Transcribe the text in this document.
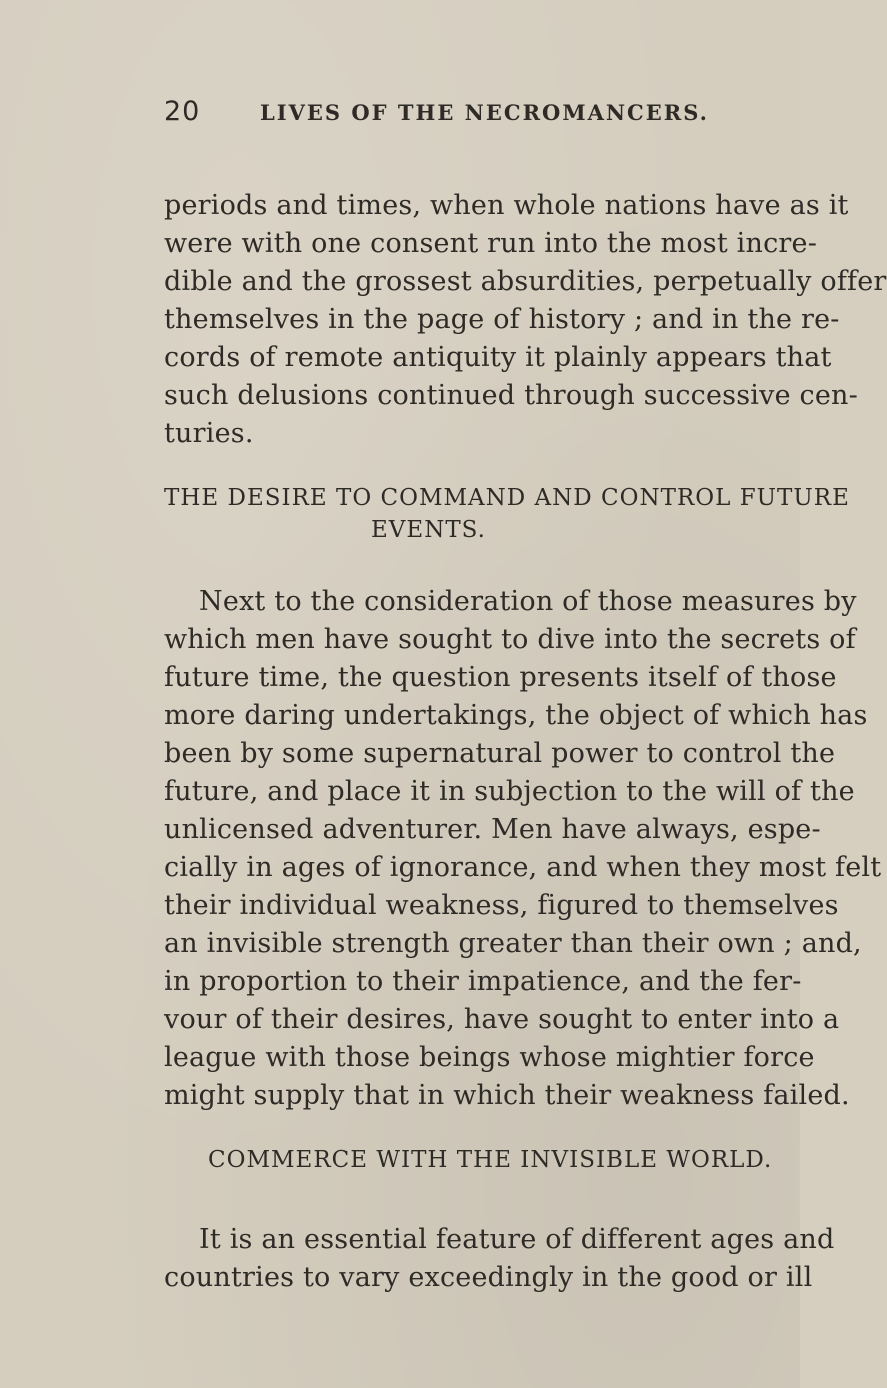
20	LIVES OF THE NECROMANCERS.
periods and times, when whole nations have as it
were with one consent run into the most incre-
dible and the grossest absurdities, perpetually offer
themselves in the page of history ; and in the re-
cords of remote antiquity it plainly appears that
such delusions continued through successive cen-
turies.
THE DESIRE TO COMMAND AND CONTROL FUTURE
EVENTS.
Next to the consideration of those measures by
which men have sought to dive into the secrets of
future time, the question presents itself of those
more daring undertakings, the object of which has
been by some supernatural power to control the
future, and place it in subjection to the will of the
unlicensed adventurer. Men have always, espe-
cially in ages of ignorance, and when they most felt
their individual weakness, figured to themselves
an invisible strength greater than their own ; and,
in proportion to their impatience, and the fer-
vour of their desires, have sought to enter into a
league with those beings whose mightier force
might supply that in which their weakness failed.
COMMERCE WITH THE INVISIBLE WORLD.
It is an essential feature of different ages and
countries to vary exceedingly in the good or ill
